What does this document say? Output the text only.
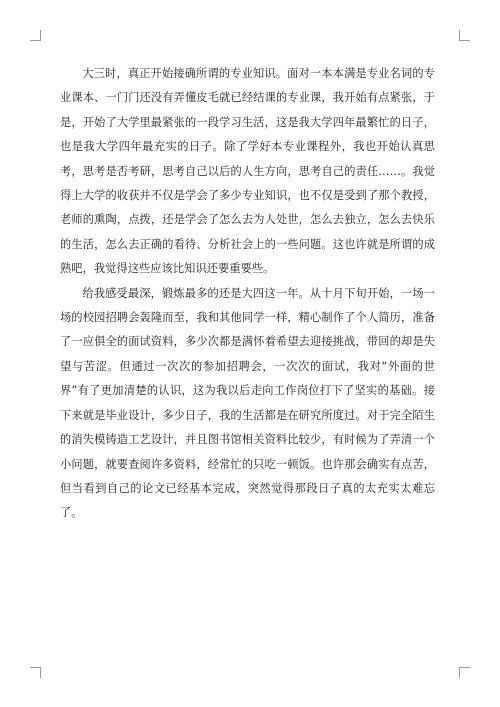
大三时，真正开始接确所谓的专业知识。面对一本本满是专业名词的专业课本、一门门还没有弄懂皮毛就已经结课的专业课，我开始有点紧张，于是，开始了大学里最紧张的一段学习生活，这是我大学四年最繁忙的日子，也是我大学四年最充实的日子。除了学好本专业课程外，我也开始认真思考，思考是否考研，思考自己以后的人生方向，思考自己的责任……。我觉得上大学的收获并不仅是学会了多少专业知识，也不仅是受到了那个教授，老师的熏陶，点拨，还是学会了怎么去为人处世，怎么去独立，怎么去快乐的生活，怎么去正确的看待、分析社会上的一些问题。这也许就是所谓的成熟吧，我觉得这些应该比知识还要重要些。

给我感受最深，锻炼最多的还是大四这一年。从十月下旬开始，一场一场的校园招聘会轰隆而至，我和其他同学一样，精心制作了个人简历，准备了一应俱全的面试资料，多少次都是满怀着希望去迎接挑战，带回的却是失望与苦涩。但通过一次次的参加招聘会，一次次的面试，我对“外面的世界”有了更加清楚的认识，这为我以后走向工作岗位打下了坚实的基础。接下来就是毕业设计，多少日子，我的生活都是在研究所度过。对于完全陌生的消失模铸造工艺设计，并且图书馆相关资料比较少，有时候为了弄清一个小问题，就要查阅许多资料，经常忙的只吃一顿饭。也许那会确实有点苦，但当看到自己的论文已经基本完成，突然觉得那段日子真的太充实太难忘了。
